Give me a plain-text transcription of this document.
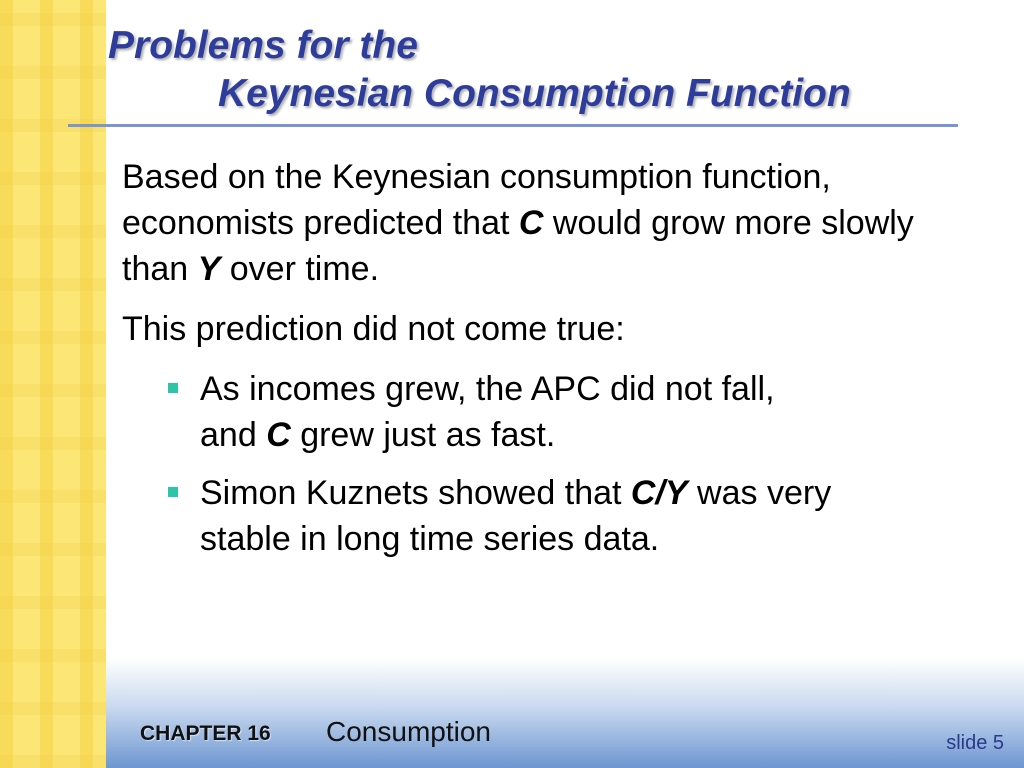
Problems for the
Keynesian Consumption Function

Based on the Keynesian consumption function, economists predicted that C would grow more slowly than Y over time.

This prediction did not come true:

As incomes grew, the APC did not fall, and C grew just as fast.
Simon Kuznets showed that C/Y was very stable in long time series data.
CHAPTER 16 Consumption	slide 5
